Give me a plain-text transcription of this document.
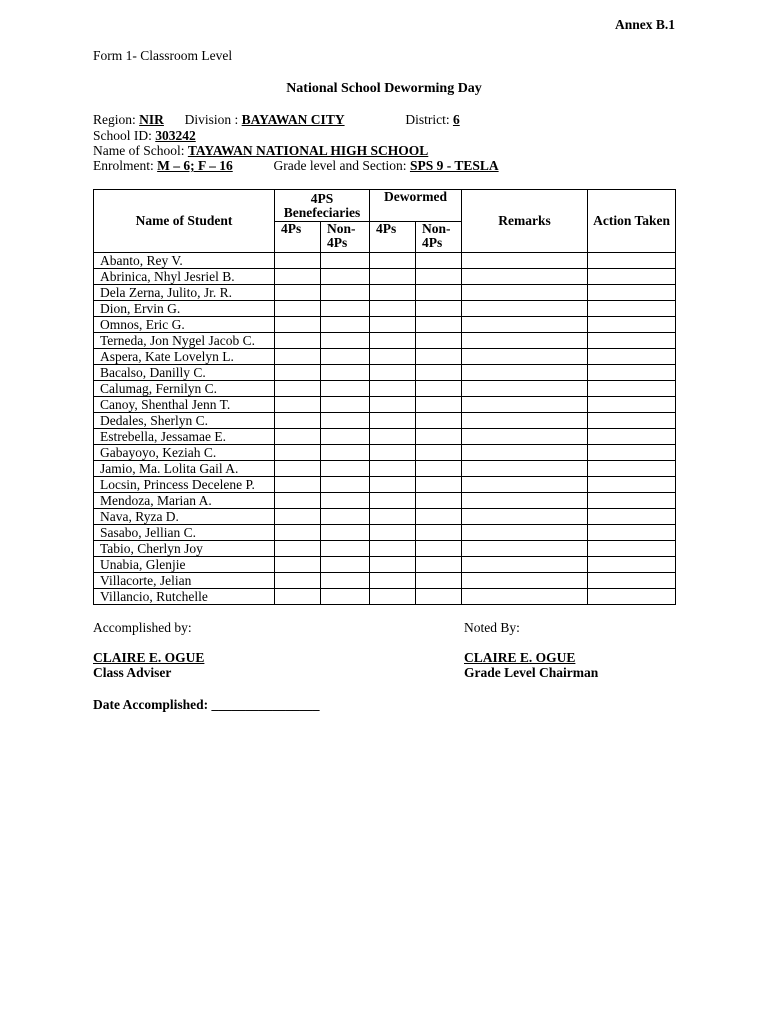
Annex B.1
Form 1- Classroom Level
National School Deworming Day
Region: NIR Division : BAYAWAN CITY	District: 6
School ID: 303242
Name of School: TAYAWAN NATIONAL HIGH SCHOOL
Enrolment: M – 6; F – 16	Grade level and Section: SPS 9 - TESLA
Name of Student	4PS Benefeciaries		Dewormed		Remarks	Action Taken
	4Ps	Non-4Ps	4Ps	Non-4Ps		
Abanto, Rey V.						
Abrinica, Nhyl Jesriel B.						
Dela Zerna, Julito, Jr. R.						
Dion, Ervin G.						
Omnos, Eric G.						
Terneda, Jon Nygel Jacob C.						
Aspera, Kate Lovelyn L.						
Bacalso, Danilly C.						
Calumag, Fernilyn C.						
Canoy, Shenthal Jenn T.						
Dedales, Sherlyn C.						
Estrebella, Jessamae E.						
Gabayoyo, Keziah C.						
Jamio, Ma. Lolita Gail A.						
Locsin, Princess Decelene P.						
Mendoza, Marian A.						
Nava, Ryza D.						
Sasabo, Jellian C.						
Tabio, Cherlyn Joy						
Unabia, Glenjie						
Villacorte, Jelian						
Villancio, Rutchelle						
Accomplished by:	Noted By:
CLAIRE E. OGUE
Class Adviser
CLAIRE E. OGUE
Grade Level Chairman
Date Accomplished: ________________
